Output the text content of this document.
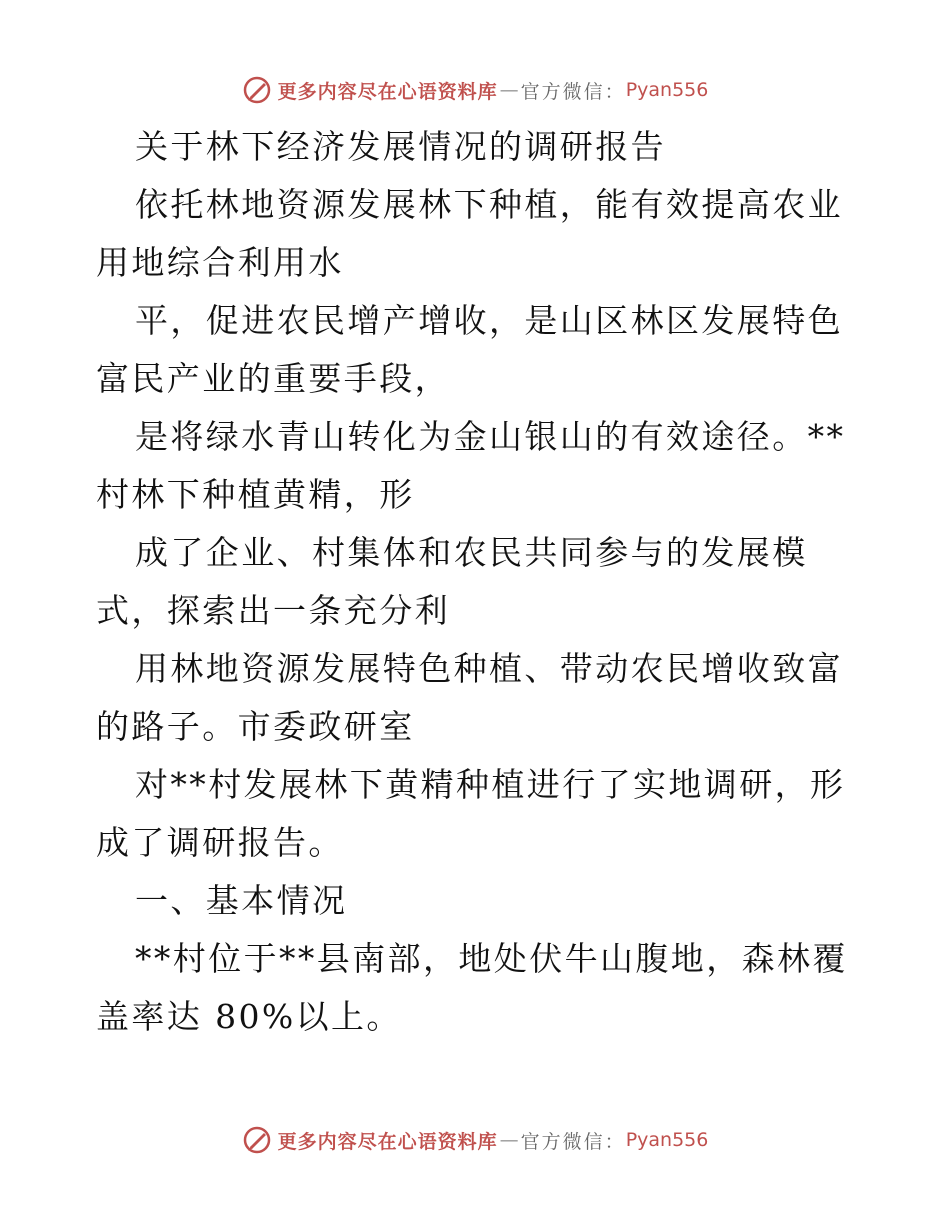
更多内容尽在心语资料库 — 官方微信： Pyan556

关于林下经济发展情况的调研报告

依托林地资源发展林下种植，能有效提高农业用地综合利用水

平，促进农民增产增收，是山区林区发展特色富民产业的重要手段，

是将绿水青山转化为金山银山的有效途径。**村林下种植黄精，形

成了企业、村集体和农民共同参与的发展模式，探索出一条充分利

用林地资源发展特色种植、带动农民增收致富的路子。市委政研室

对**村发展林下黄精种植进行了实地调研，形成了调研报告。

一、基本情况

**村位于**县南部，地处伏牛山腹地，森林覆盖率达 80%以上。

更多内容尽在心语资料库 — 官方微信： Pyan556
